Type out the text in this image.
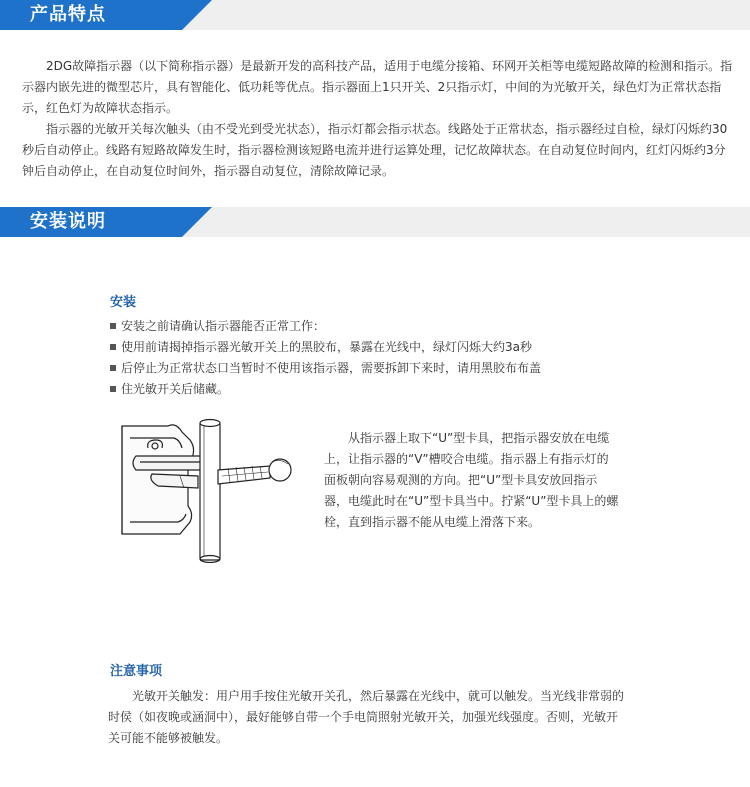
产品特点

2DG故障指示器（以下简称指示器）是最新开发的高科技产品，适用于电缆分接箱、环网开关柜等电缆短路故障的检测和指示。指示器内嵌先进的微型芯片，具有智能化、低功耗等优点。指示器面上1只开关、2只指示灯，中间的为光敏开关，绿色灯为正常状态指示，红色灯为故障状态指示。

指示器的光敏开关每次触头（由不受光到受光状态），指示灯都会指示状态。线路处于正常状态，指示器经过自检，绿灯闪烁约30秒后自动停止。线路有短路故障发生时，指示器检测该短路电流并进行运算处理，记忆故障状态。在自动复位时间内，红灯闪烁约3分钟后自动停止，在自动复位时间外，指示器自动复位，清除故障记录。

安装说明
安装
安装之前请确认指示器能否正常工作：
使用前请揭掉指示器光敏开关上的黑胶布，暴露在光线中，绿灯闪烁大约3a秒
后停止为正常状态口当暂时不使用该指示器，需要拆卸下来时，请用黑胶布布盖
住光敏开关后储藏。

从指示器上取下“U”型卡具，把指示器安放在电缆上，让指示器的“V”槽咬合电缆。指示器上有指示灯的面板朝向容易观测的方向。把“U”型卡具安放回指示器，电缆此时在“U”型卡具当中。拧紧“U”型卡具上的螺栓，直到指示器不能从电缆上滑落下来。

注意事项

光敏开关触发：用户用手按住光敏开关孔，然后暴露在光线中，就可以触发。当光线非常弱的时侯（如夜晚或涵洞中），最好能够自带一个手电筒照射光敏开关，加强光线强度。否则，光敏开关可能不能够被触发。
